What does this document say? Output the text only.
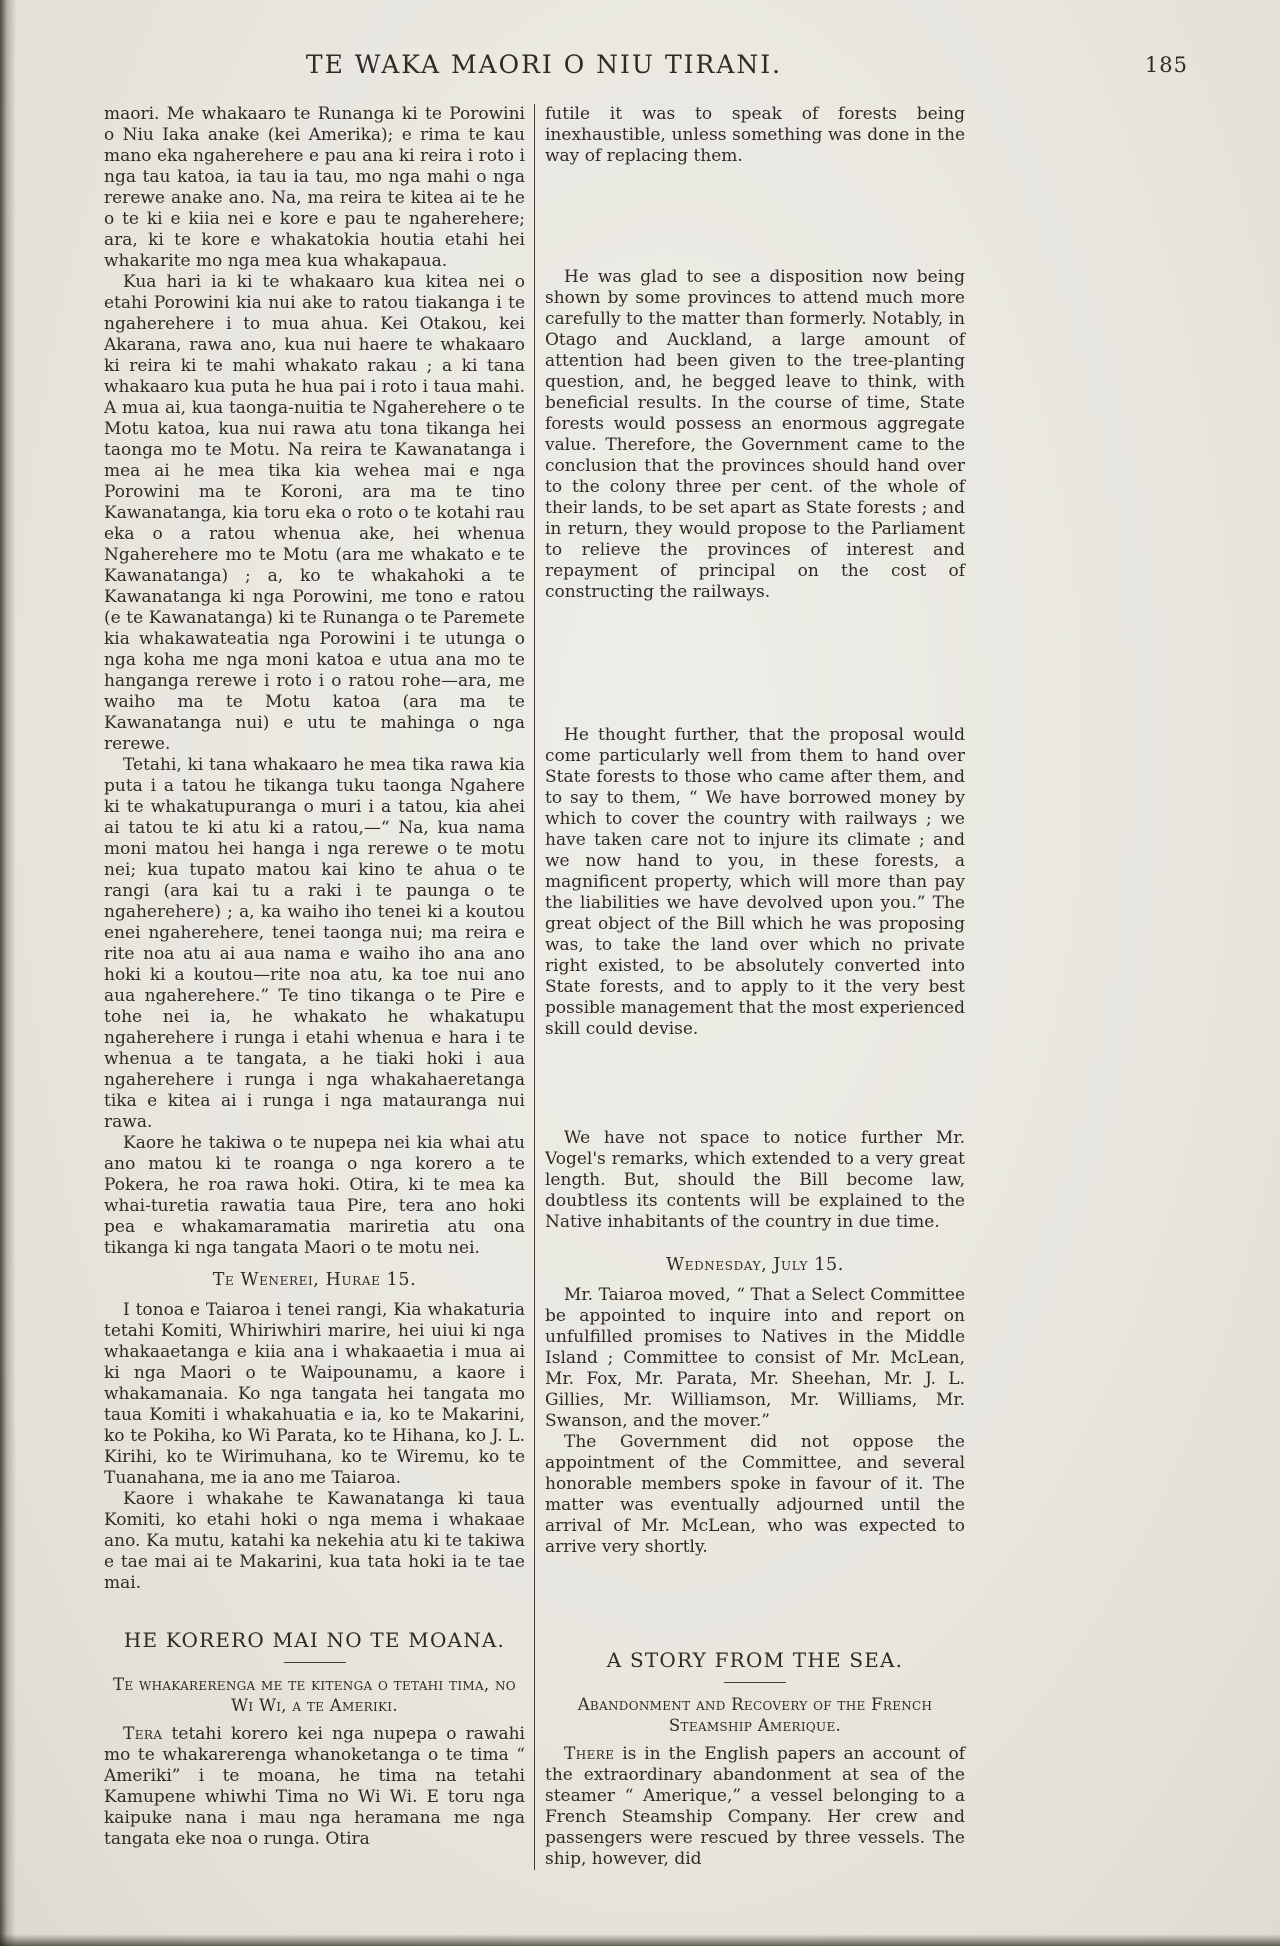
TE WAKA MAORI O NIU TIRANI.	185

maori. Me whakaaro te Runanga ki te Porowini o Niu Iaka anake (kei Amerika); e rima te kau mano eka ngaherehere e pau ana ki reira i roto i nga tau katoa, ia tau ia tau, mo nga mahi o nga rerewe anake ano. Na, ma reira te kitea ai te he o te ki e kiia nei e kore e pau te ngaherehere; ara, ki te kore e whakatokia houtia etahi hei whakarite mo nga mea kua whakapaua.

Kua hari ia ki te whakaaro kua kitea nei o etahi Porowini kia nui ake to ratou tiakanga i te ngaherehere i to mua ahua. Kei Otakou, kei Akarana, rawa ano, kua nui haere te whakaaro ki reira ki te mahi whakato rakau ; a ki tana whakaaro kua puta he hua pai i roto i taua mahi. A mua ai, kua taonga-nuitia te Ngaherehere o te Motu katoa, kua nui rawa atu tona tikanga hei taonga mo te Motu. Na reira te Kawanatanga i mea ai he mea tika kia wehea mai e nga Porowini ma te Koroni, ara ma te tino Kawanatanga, kia toru eka o roto o te kotahi rau eka o a ratou whenua ake, hei whenua Ngaherehere mo te Motu (ara me whakato e te Kawanatanga) ; a, ko te whakahoki a te Kawanatanga ki nga Porowini, me tono e ratou (e te Kawanatanga) ki te Runanga o te Paremete kia whakawateatia nga Porowini i te utunga o nga koha me nga moni katoa e utua ana mo te hanganga rerewe i roto i o ratou rohe—ara, me waiho ma te Motu katoa (ara ma te Kawanatanga nui) e utu te mahinga o nga rerewe.

Tetahi, ki tana whakaaro he mea tika rawa kia puta i a tatou he tikanga tuku taonga Ngahere ki te whakatupuranga o muri i a tatou, kia ahei ai tatou te ki atu ki a ratou,—“ Na, kua nama moni matou hei hanga i nga rerewe o te motu nei; kua tupato matou kai kino te ahua o te rangi (ara kai tu a raki i te paunga o te ngaherehere) ; a, ka waiho iho tenei ki a koutou enei ngaherehere, tenei taonga nui; ma reira e rite noa atu ai aua nama e waiho iho ana ano hoki ki a koutou—rite noa atu, ka toe nui ano aua ngaherehere.” Te tino tikanga o te Pire e tohe nei ia, he whakato he whakatupu ngaherehere i runga i etahi whenua e hara i te whenua a te tangata, a he tiaki hoki i aua ngaherehere i runga i nga whakahaeretanga tika e kitea ai i runga i nga matauranga nui rawa.

Kaore he takiwa o te nupepa nei kia whai atu ano matou ki te roanga o nga korero a te Pokera, he roa rawa hoki. Otira, ki te mea ka whai-turetia rawatia taua Pire, tera ano hoki pea e whakamaramatia mariretia atu ona tikanga ki nga tangata Maori o te motu nei.

Te Wenerei, Hurae 15.

I tonoa e Taiaroa i tenei rangi, Kia whakaturia tetahi Komiti, Whiriwhiri marire, hei uiui ki nga whakaaetanga e kiia ana i whakaaetia i mua ai ki nga Maori o te Waipounamu, a kaore i whakamanaia. Ko nga tangata hei tangata mo taua Komiti i whakahuatia e ia, ko te Makarini, ko te Pokiha, ko Wi Parata, ko te Hihana, ko J. L. Kirihi, ko te Wirimuhana, ko te Wiremu, ko te Tuanahana, me ia ano me Taiaroa.

Kaore i whakahe te Kawanatanga ki taua Komiti, ko etahi hoki o nga mema i whakaae ano. Ka mutu, katahi ka nekehia atu ki te takiwa e tae mai ai te Makarini, kua tata hoki ia te tae mai.

HE KORERO MAI NO TE MOANA.
Te whakarerenga me te kitenga o tetahi tima, no Wi Wi, a te Ameriki.

Tera tetahi korero kei nga nupepa o rawahi mo te whakarerenga whanoketanga o te tima “ Ameriki” i te moana, he tima na tetahi Kamupene whiwhi Tima no Wi Wi. E toru nga kaipuke nana i mau nga heramana me nga tangata eke noa o runga. Otira

futile it was to speak of forests being inexhaustible, unless something was done in the way of replacing them.

He was glad to see a disposition now being shown by some provinces to attend much more carefully to the matter than formerly. Notably, in Otago and Auckland, a large amount of attention had been given to the tree-planting question, and, he begged leave to think, with beneficial results. In the course of time, State forests would possess an enormous aggregate value. Therefore, the Government came to the conclusion that the provinces should hand over to the colony three per cent. of the whole of their lands, to be set apart as State forests ; and in return, they would propose to the Parliament to relieve the provinces of interest and repayment of principal on the cost of constructing the railways.

He thought further, that the proposal would come particularly well from them to hand over State forests to those who came after them, and to say to them, “ We have borrowed money by which to cover the country with railways ; we have taken care not to injure its climate ; and we now hand to you, in these forests, a magnificent property, which will more than pay the liabilities we have devolved upon you.” The great object of the Bill which he was proposing was, to take the land over which no private right existed, to be absolutely converted into State forests, and to apply to it the very best possible management that the most experienced skill could devise.

We have not space to notice further Mr. Vogel's remarks, which extended to a very great length. But, should the Bill become law, doubtless its contents will be explained to the Native inhabitants of the country in due time.

Wednesday, July 15.

Mr. Taiaroa moved, “ That a Select Committee be appointed to inquire into and report on unfulfilled promises to Natives in the Middle Island ; Committee to consist of Mr. McLean, Mr. Fox, Mr. Parata, Mr. Sheehan, Mr. J. L. Gillies, Mr. Williamson, Mr. Williams, Mr. Swanson, and the mover.”

The Government did not oppose the appointment of the Committee, and several honorable members spoke in favour of it. The matter was eventually adjourned until the arrival of Mr. McLean, who was expected to arrive very shortly.

A STORY FROM THE SEA.
Abandonment and Recovery of the French Steamship Amerique.

There is in the English papers an account of the extraordinary abandonment at sea of the steamer “ Amerique,” a vessel belonging to a French Steamship Company. Her crew and passengers were rescued by three vessels. The ship, however, did
